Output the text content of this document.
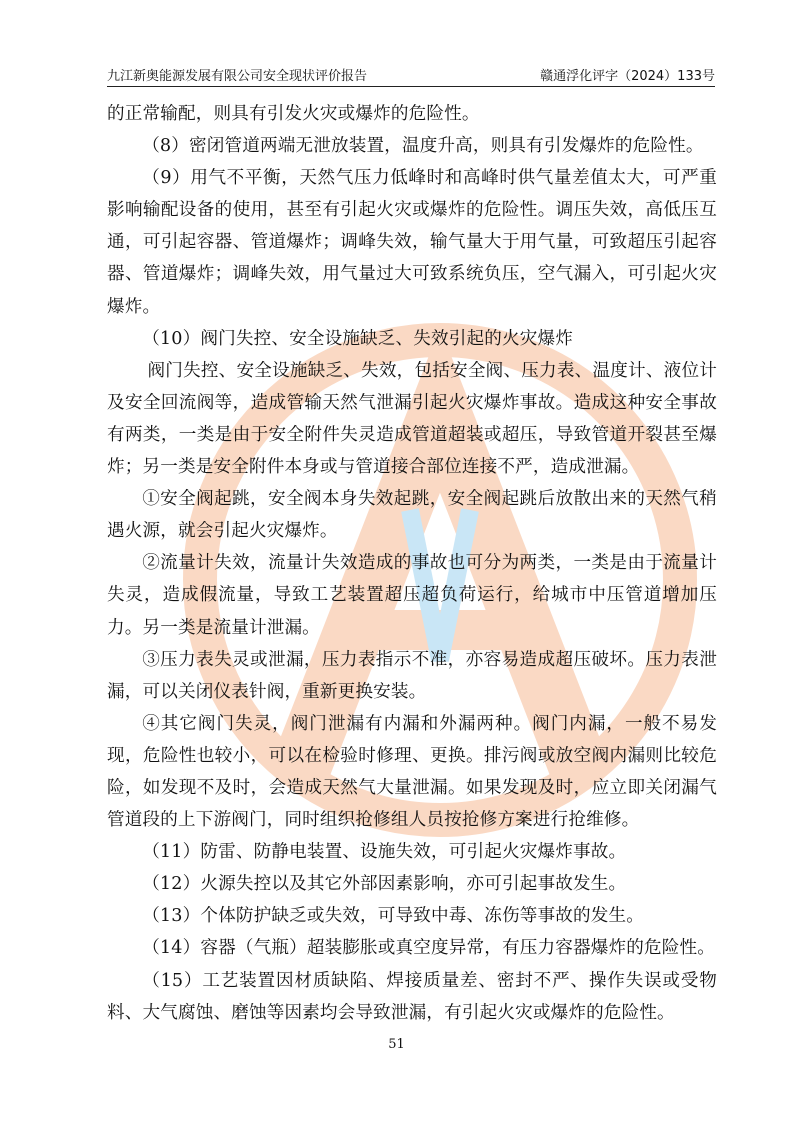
九江新奥能源发展有限公司安全现状评价报告	赣通浮化评字（2024）133号

的正常输配，则具有引发火灾或爆炸的危险性。

（8）密闭管道两端无泄放装置，温度升高，则具有引发爆炸的危险性。

（9）用气不平衡，天然气压力低峰时和高峰时供气量差值太大，可严重影响输配设备的使用，甚至有引起火灾或爆炸的危险性。调压失效，高低压互通，可引起容器、管道爆炸；调峰失效，输气量大于用气量，可致超压引起容器、管道爆炸；调峰失效，用气量过大可致系统负压，空气漏入，可引起火灾爆炸。

（10）阀门失控、安全设施缺乏、失效引起的火灾爆炸

阀门失控、安全设施缺乏、失效，包括安全阀、压力表、温度计、液位计及安全回流阀等，造成管输天然气泄漏引起火灾爆炸事故。造成这种安全事故有两类，一类是由于安全附件失灵造成管道超装或超压，导致管道开裂甚至爆炸；另一类是安全附件本身或与管道接合部位连接不严，造成泄漏。

①安全阀起跳，安全阀本身失效起跳，安全阀起跳后放散出来的天然气稍遇火源，就会引起火灾爆炸。

②流量计失效，流量计失效造成的事故也可分为两类，一类是由于流量计失灵，造成假流量，导致工艺装置超压超负荷运行，给城市中压管道增加压力。另一类是流量计泄漏。

③压力表失灵或泄漏，压力表指示不准，亦容易造成超压破坏。压力表泄漏，可以关闭仪表针阀，重新更换安装。

④其它阀门失灵，阀门泄漏有内漏和外漏两种。阀门内漏，一般不易发现，危险性也较小，可以在检验时修理、更换。排污阀或放空阀内漏则比较危险，如发现不及时，会造成天然气大量泄漏。如果发现及时，应立即关闭漏气管道段的上下游阀门，同时组织抢修组人员按抢修方案进行抢维修。

（11）防雷、防静电装置、设施失效，可引起火灾爆炸事故。

（12）火源失控以及其它外部因素影响，亦可引起事故发生。

（13）个体防护缺乏或失效，可导致中毒、冻伤等事故的发生。

（14）容器（气瓶）超装膨胀或真空度异常，有压力容器爆炸的危险性。

（15）工艺装置因材质缺陷、焊接质量差、密封不严、操作失误或受物料、大气腐蚀、磨蚀等因素均会导致泄漏，有引起火灾或爆炸的危险性。

51
